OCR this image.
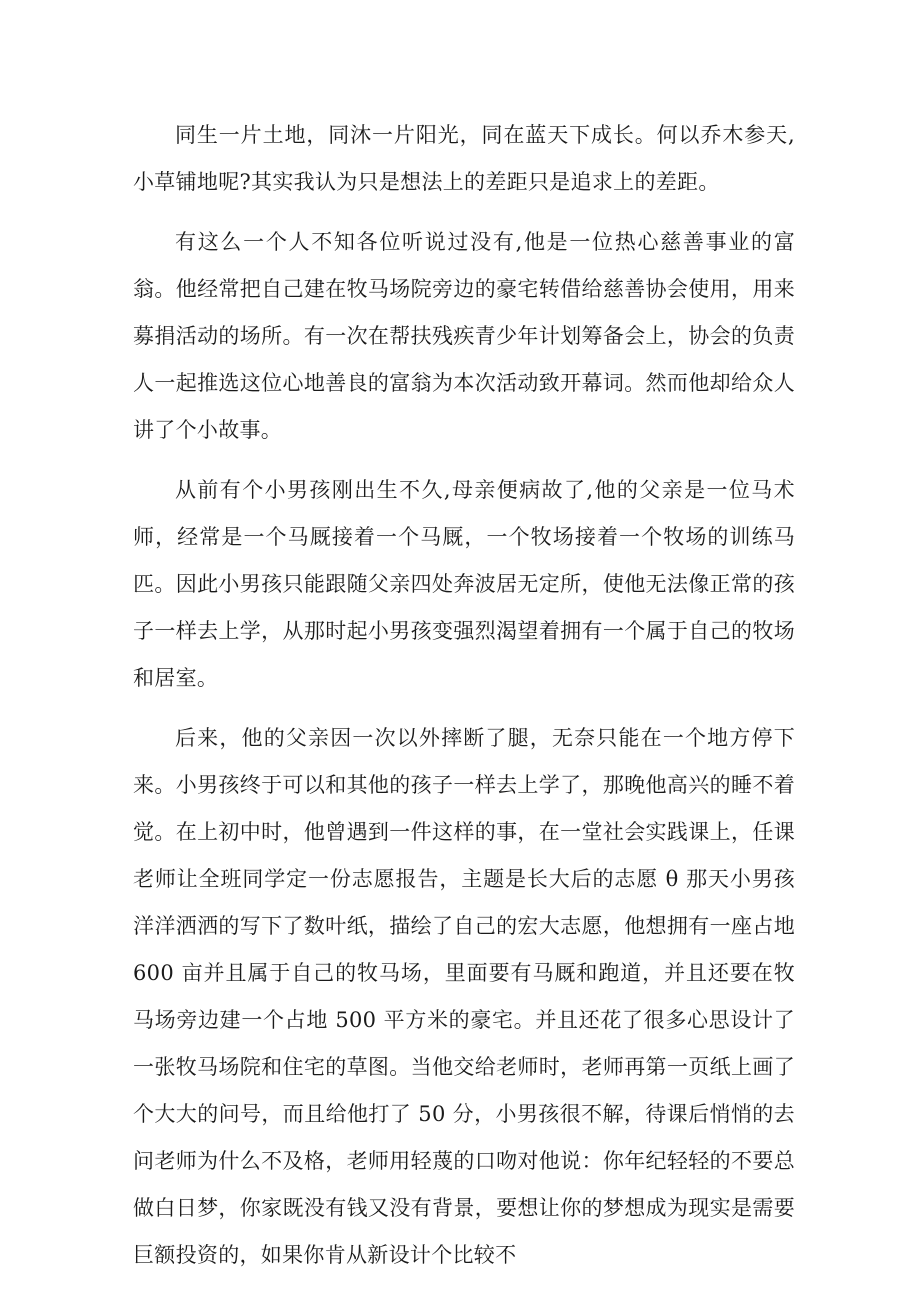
同生一片土地，同沐一片阳光，同在蓝天下成长。何以乔木参天,小草铺地呢?其实我认为只是想法上的差距只是追求上的差距。

有这么一个人不知各位听说过没有,他是一位热心慈善事业的富翁。他经常把自己建在牧马场院旁边的豪宅转借给慈善协会使用，用来募捐活动的场所。有一次在帮扶残疾青少年计划筹备会上，协会的负责人一起推选这位心地善良的富翁为本次活动致开幕词。然而他却给众人讲了个小故事。

从前有个小男孩刚出生不久,母亲便病故了,他的父亲是一位马术师，经常是一个马厩接着一个马厩，一个牧场接着一个牧场的训练马匹。因此小男孩只能跟随父亲四处奔波居无定所，使他无法像正常的孩子一样去上学，从那时起小男孩变强烈渴望着拥有一个属于自己的牧场和居室。

后来，他的父亲因一次以外摔断了腿，无奈只能在一个地方停下来。小男孩终于可以和其他的孩子一样去上学了，那晚他高兴的睡不着觉。在上初中时，他曾遇到一件这样的事，在一堂社会实践课上，任课老师让全班同学定一份志愿报告，主题是长大后的志愿 θ 那天小男孩洋洋洒洒的写下了数叶纸，描绘了自己的宏大志愿，他想拥有一座占地 600 亩并且属于自己的牧马场，里面要有马厩和跑道，并且还要在牧马场旁边建一个占地 500 平方米的豪宅。并且还花了很多心思设计了一张牧马场院和住宅的草图。当他交给老师时，老师再第一页纸上画了个大大的问号，而且给他打了 50 分，小男孩很不解，待课后悄悄的去问老师为什么不及格，老师用轻蔑的口吻对他说：你年纪轻轻的不要总做白日梦，你家既没有钱又没有背景，要想让你的梦想成为现实是需要巨额投资的，如果你肯从新设计个比较不
